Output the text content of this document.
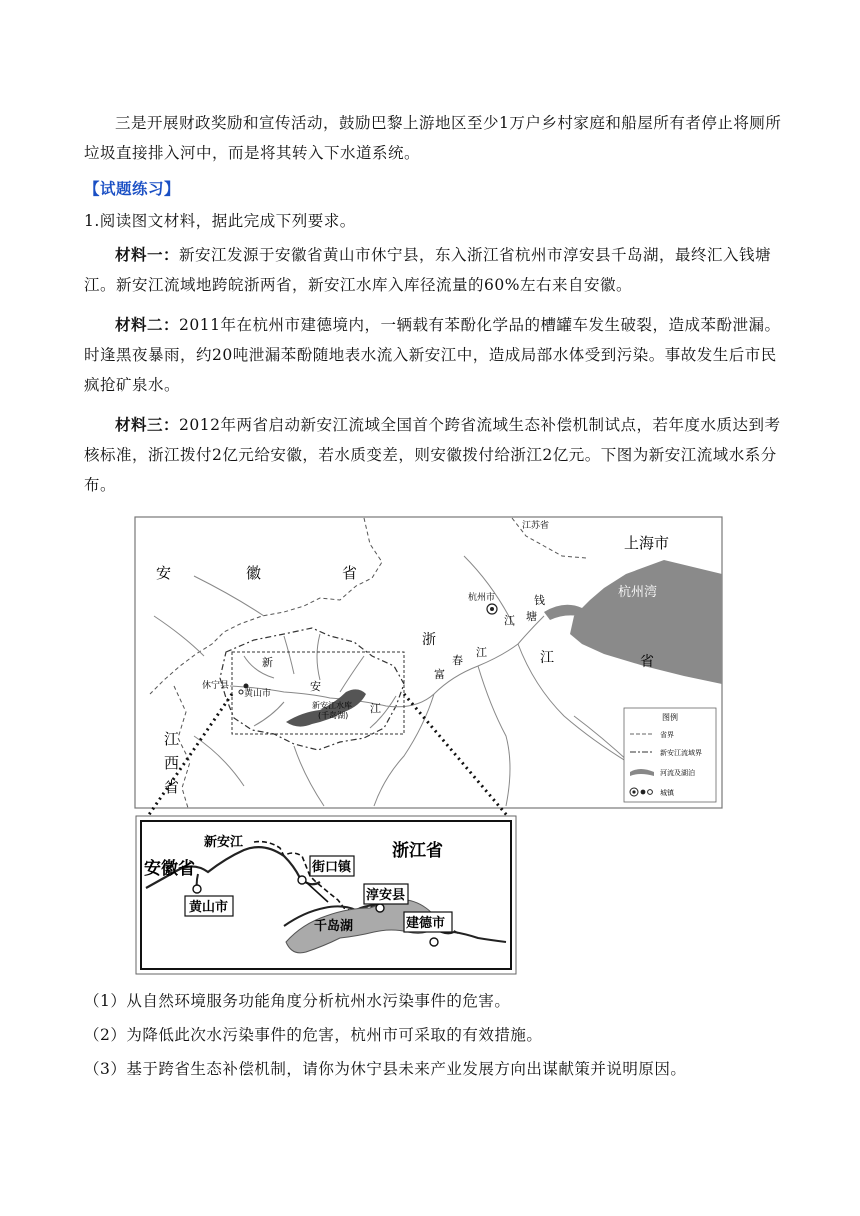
三是开展财政奖励和宣传活动，鼓励巴黎上游地区至少1万户乡村家庭和船屋所有者停止将厕所垃圾直接排入河中，而是将其转入下水道系统。

【试题练习】

1.阅读图文材料，据此完成下列要求。

材料一：新安江发源于安徽省黄山市休宁县，东入浙江省杭州市淳安县千岛湖，最终汇入钱塘江。新安江流域地跨皖浙两省，新安江水库入库径流量的60%左右来自安徽。

材料二：2011年在杭州市建德境内，一辆载有苯酚化学品的槽罐车发生破裂，造成苯酚泄漏。时逢黑夜暴雨，约20吨泄漏苯酚随地表水流入新安江中，造成局部水体受到污染。事故发生后市民疯抢矿泉水。

材料三：2012年两省启动新安江流域全国首个跨省流域生态补偿机制试点，若年度水质达到考核标准，浙江拨付2亿元给安徽，若水质变差，则安徽拨付给浙江2亿元。下图为新安江流域水系分布。

安	徽	省
浙
江	省
江
西
省
江苏省
上海市
杭州湾
杭州市	钱
塘
江
富
春
江
新
安
江
休宁县
黄山市
新安江水库
(千岛湖)	图例
省界
新安江流域界
河流及湖泊
城镇
新安江
安徽省
浙江省
黄山市
街口镇
淳安县
千岛湖	建德市

（1）从自然环境服务功能角度分析杭州水污染事件的危害。

（2）为降低此次水污染事件的危害，杭州市可采取的有效措施。

（3）基于跨省生态补偿机制，请你为休宁县未来产业发展方向出谋献策并说明原因。
